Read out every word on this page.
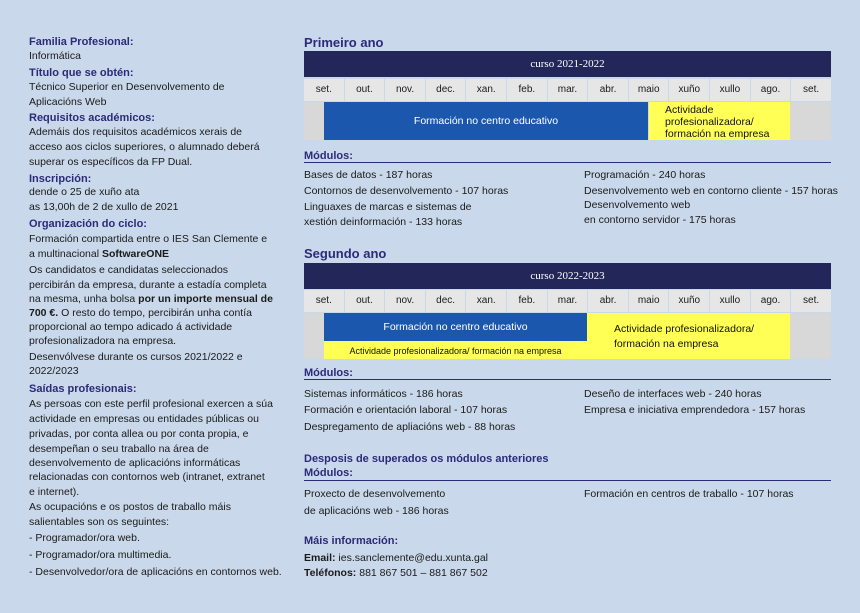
Familia Profesional:
Informática
Título que se obtén:
Técnico Superior en Desenvolvemento de
Aplicacións Web
Requisitos académicos:
Ademáis dos requisitos académicos xerais de
acceso aos ciclos superiores, o alumnado deberá
superar os específicos da FP Dual.
Inscripción:
dende o 25 de xuño ata
as 13,00h de 2 de xullo de 2021
Organización do ciclo:
Formación compartida entre o IES San Clemente e
a multinacional SoftwareONE
Os candidatos e candidatas seleccionados
percibirán da empresa, durante a estadía completa
na mesma, unha bolsa por un importe mensual de
700 €. O resto do tempo, percibirán unha contía
proporcional ao tempo adicado á actividade
profesionalizadora na empresa.
Desenvólvese durante os cursos 2021/2022 e
2022/2023
Saídas profesionais:
As persoas con este perfil profesional exercen a súa
actividade en empresas ou entidades públicas ou
privadas, por conta allea ou por conta propia, e
desempeñan o seu traballo na área de
desenvolvemento de aplicacións informáticas
relacionadas con contornos web (intranet, extranet
e internet).
As ocupacións e os postos de traballo máis
salientables son os seguintes:
- Programador/ora web.
- Programador/ora multimedia.
- Desenvolvedor/ora de aplicacións en contornos web.
Primeiro ano
curso 2021-2022
set.	out.	nov.	dec.	xan.	feb.	mar.	abr.	maio	xuño	xullo	ago.	set.
Formación no centro educativo
Actividade
profesionalizadora/
formación na empresa
Módulos:
Bases de datos - 187 horas
Contornos de desenvolvemento - 107 horas
Linguaxes de marcas e sistemas de
xestión deinformación - 133 horas
Programación - 240 horas
Desenvolvemento web en contorno cliente - 157 horas
Desenvolvemento web
en contorno servidor - 175 horas
Segundo ano
curso 2022-2023
set.	out.	nov.	dec.	xan.	feb.	mar.	abr.	maio	xuño	xullo	ago.	set.
Formación no centro educativo
Actividade profesionalizadora/ formación na empresa
Actividade profesionalizadora/
formación na empresa
Módulos:
Sistemas informáticos - 186 horas
Formación e orientación laboral - 107 horas
Despregamento de apliacións web - 88 horas
Deseño de interfaces web - 240 horas
Empresa e iniciativa emprendedora - 157 horas
Desposis de superados os módulos anteriores
Módulos:
Proxecto de desenvolvemento
de aplicacións web - 186 horas
Formación en centros de traballo - 107 horas
Máis información:
Email: ies.sanclemente@edu.xunta.gal
Teléfonos: 881 867 501 – 881 867 502
